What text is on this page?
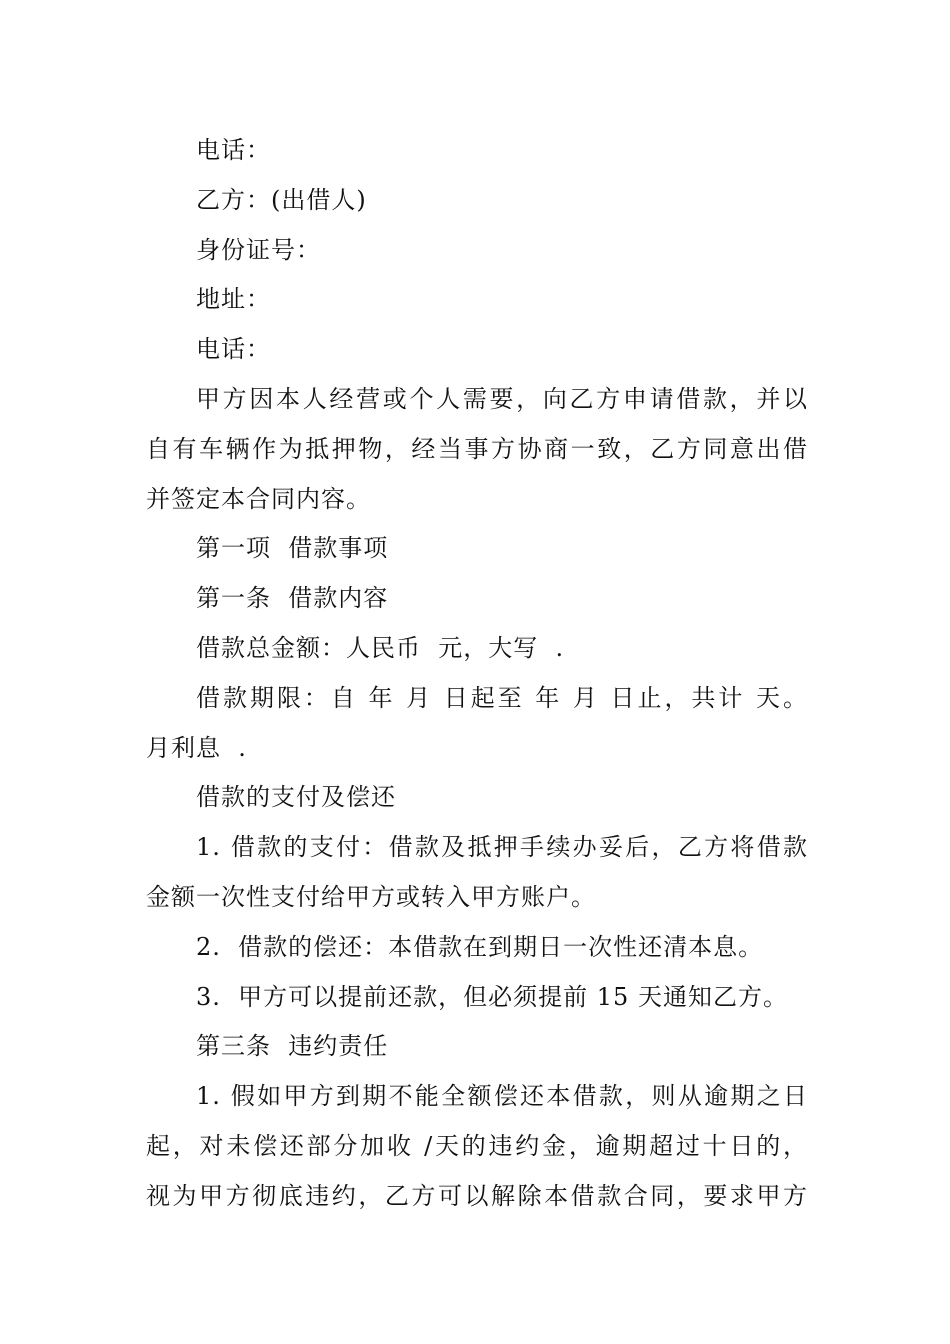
电话：
乙方：(出借人)
身份证号：
地址：
电话：
甲方因本人经营或个人需要，向乙方申请借款，并以
自有车辆作为抵押物，经当事方协商一致，乙方同意出借
并签定本合同内容。
第一项  借款事项
第一条  借款内容
借款总金额：人民币  元，大写  .
借款期限：自 年 月 日起至 年 月 日止，共计 天。
月利息  .
借款的支付及偿还
1. 借款的支付：借款及抵押手续办妥后，乙方将借款
金额一次性支付给甲方或转入甲方账户。
2.  借款的偿还：本借款在到期日一次性还清本息。
3.  甲方可以提前还款，但必须提前 15 天通知乙方。
第三条  违约责任
1. 假如甲方到期不能全额偿还本借款，则从逾期之日
起，对未偿还部分加收 /天的违约金，逾期超过十日的，
视为甲方彻底违约，乙方可以解除本借款合同，要求甲方
